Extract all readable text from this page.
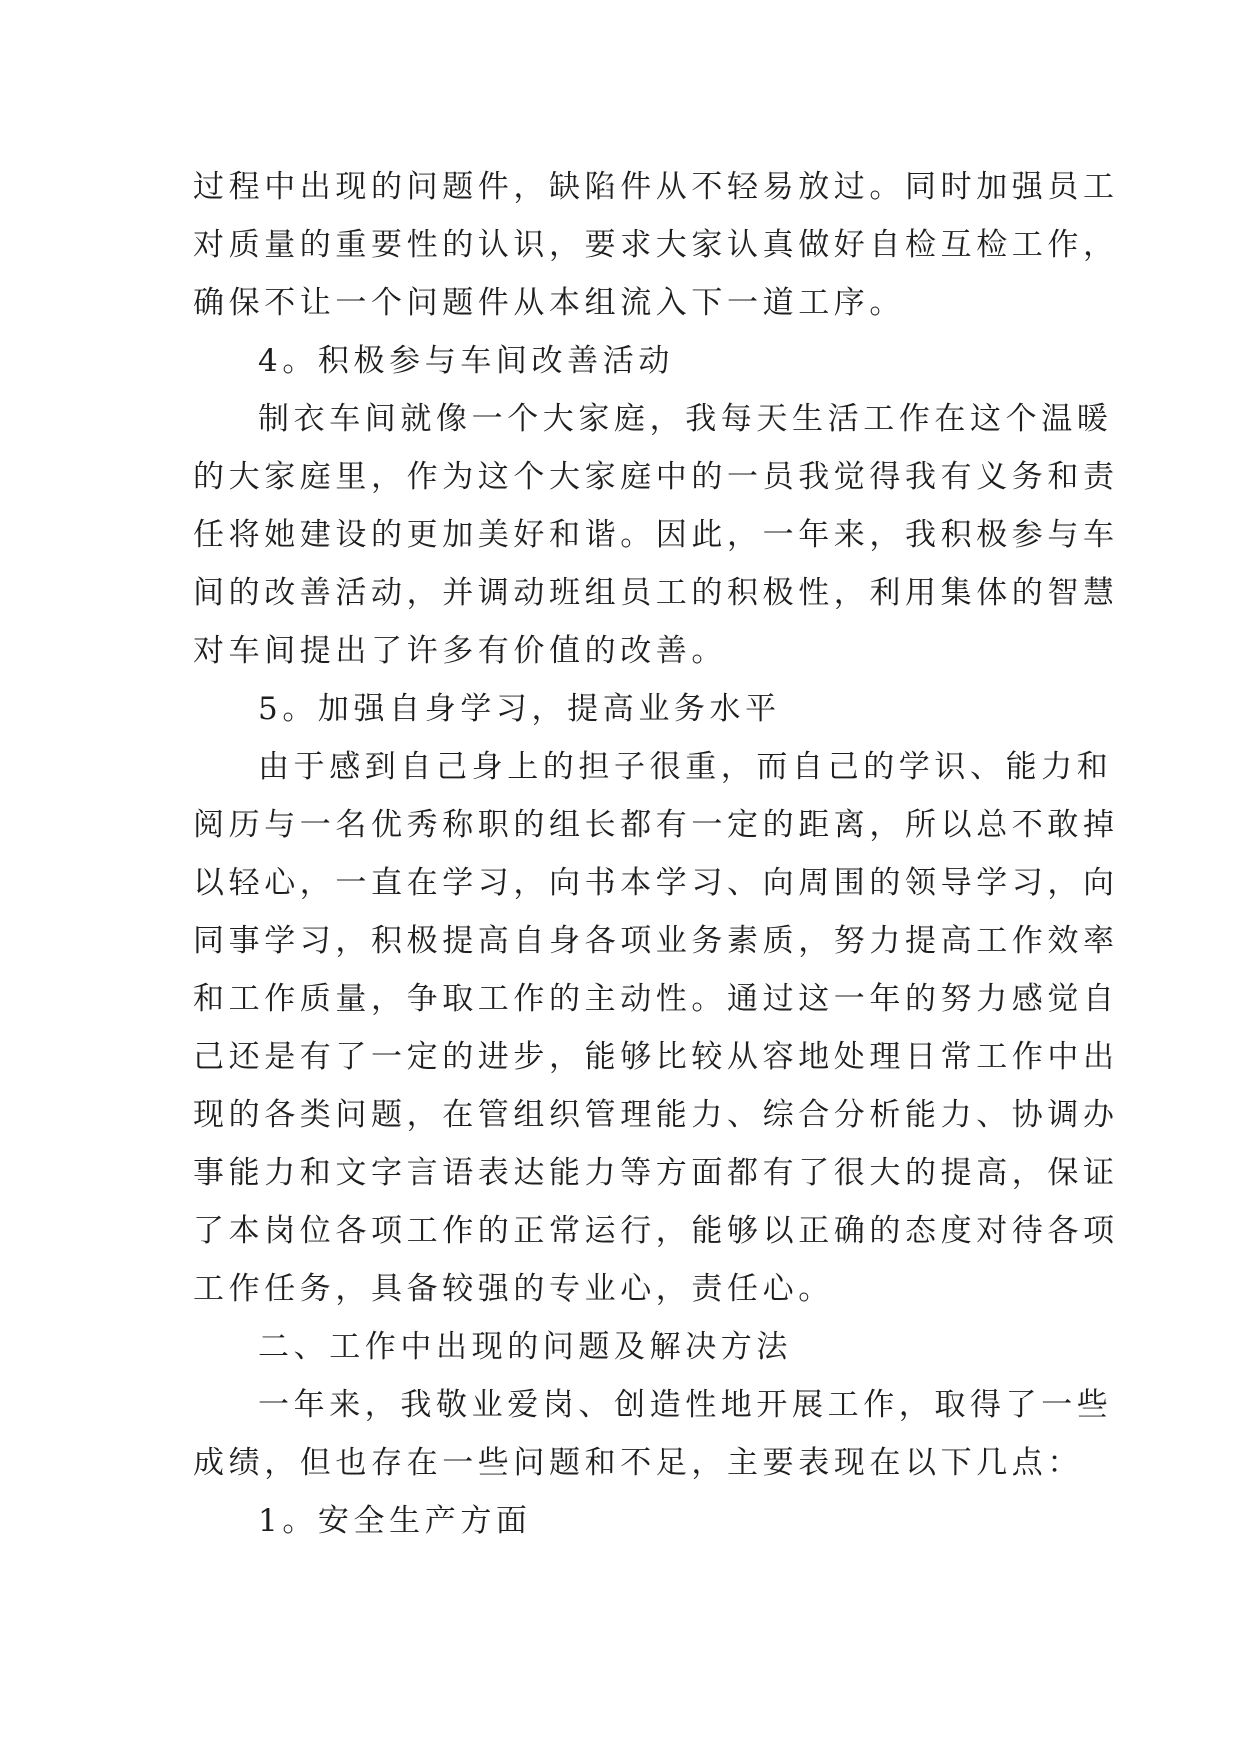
过程中出现的问题件，缺陷件从不轻易放过。同时加强员工
对质量的重要性的认识，要求大家认真做好自检互检工作，
确保不让一个问题件从本组流入下一道工序。
4。积极参与车间改善活动
制衣车间就像一个大家庭，我每天生活工作在这个温暖
的大家庭里，作为这个大家庭中的一员我觉得我有义务和责
任将她建设的更加美好和谐。因此，一年来，我积极参与车
间的改善活动，并调动班组员工的积极性，利用集体的智慧
对车间提出了许多有价值的改善。
5。加强自身学习，提高业务水平
由于感到自己身上的担子很重，而自己的学识、能力和
阅历与一名优秀称职的组长都有一定的距离，所以总不敢掉
以轻心，一直在学习，向书本学习、向周围的领导学习，向
同事学习，积极提高自身各项业务素质，努力提高工作效率
和工作质量，争取工作的主动性。通过这一年的努力感觉自
己还是有了一定的进步，能够比较从容地处理日常工作中出
现的各类问题，在管组织管理能力、综合分析能力、协调办
事能力和文字言语表达能力等方面都有了很大的提高，保证
了本岗位各项工作的正常运行，能够以正确的态度对待各项
工作任务，具备较强的专业心，责任心。
二、工作中出现的问题及解决方法
一年来，我敬业爱岗、创造性地开展工作，取得了一些
成绩，但也存在一些问题和不足，主要表现在以下几点：
1。安全生产方面
